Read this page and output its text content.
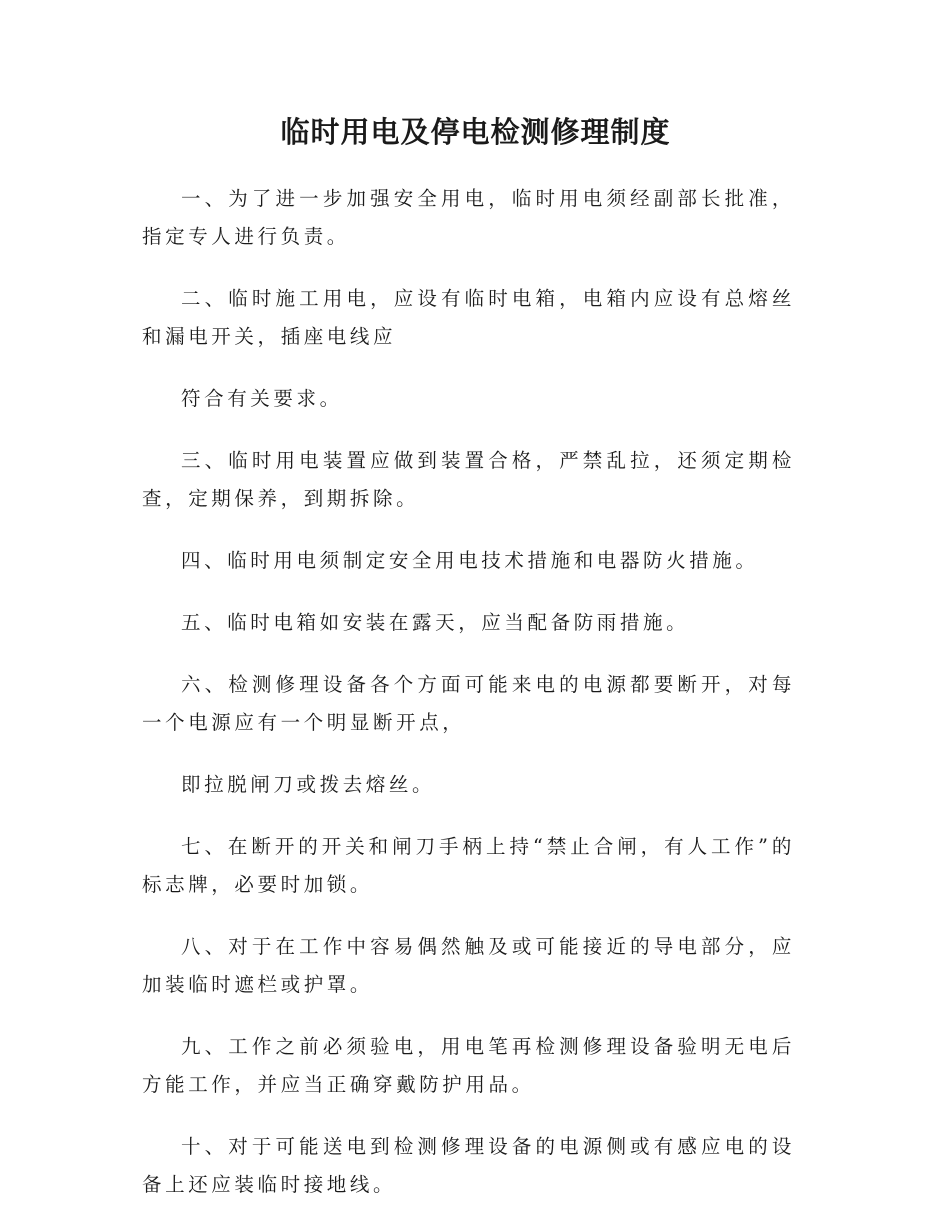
临时用电及停电检测修理制度

一、为了进一步加强安全用电，临时用电须经副部长批准，指定专人进行负责。

二、临时施工用电，应设有临时电箱，电箱内应设有总熔丝和漏电开关，插座电线应

符合有关要求。

三、临时用电装置应做到装置合格，严禁乱拉，还须定期检查，定期保养，到期拆除。

四、临时用电须制定安全用电技术措施和电器防火措施。

五、临时电箱如安装在露天，应当配备防雨措施。

六、检测修理设备各个方面可能来电的电源都要断开，对每一个电源应有一个明显断开点，

即拉脱闸刀或拨去熔丝。

七、在断开的开关和闸刀手柄上持“禁止合闸，有人工作”的标志牌，必要时加锁。

八、对于在工作中容易偶然触及或可能接近的导电部分，应加装临时遮栏或护罩。

九、工作之前必须验电，用电笔再检测修理设备验明无电后方能工作，并应当正确穿戴防护用品。

十、对于可能送电到检测修理设备的电源侧或有感应电的设备上还应装临时接地线。
